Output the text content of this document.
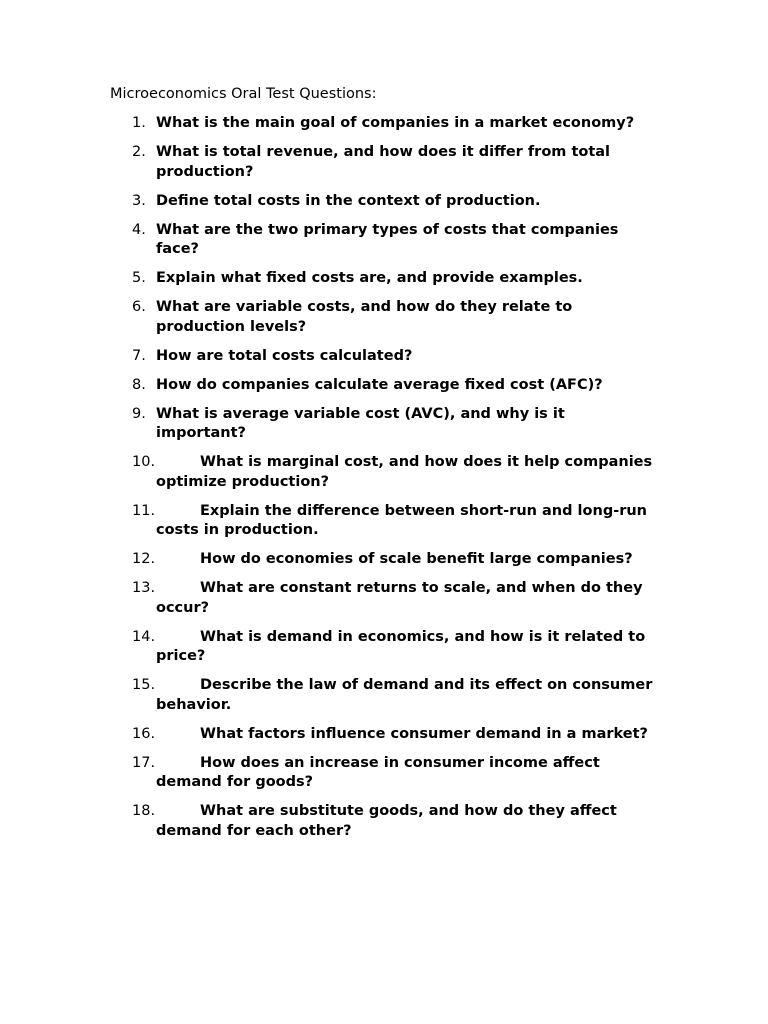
Microeconomics Oral Test Questions:

1. What is the main goal of companies in a market economy?
2. What is total revenue, and how does it differ from total production?
3. Define total costs in the context of production.
4. What are the two primary types of costs that companies face?
5. Explain what fixed costs are, and provide examples.
6. What are variable costs, and how do they relate to production levels?
7. How are total costs calculated?
8. How do companies calculate average fixed cost (AFC)?
9. What is average variable cost (AVC), and why is it important?
10.	What is marginal cost, and how does it help companies optimize production?
11.	Explain the difference between short-run and long-run costs in production.
12.	How do economies of scale benefit large companies?
13.	What are constant returns to scale, and when do they occur?
14.	What is demand in economics, and how is it related to price?
15.	Describe the law of demand and its effect on consumer behavior.
16.	What factors influence consumer demand in a market?
17.	How does an increase in consumer income affect demand for goods?
18.	What are substitute goods, and how do they affect demand for each other?
